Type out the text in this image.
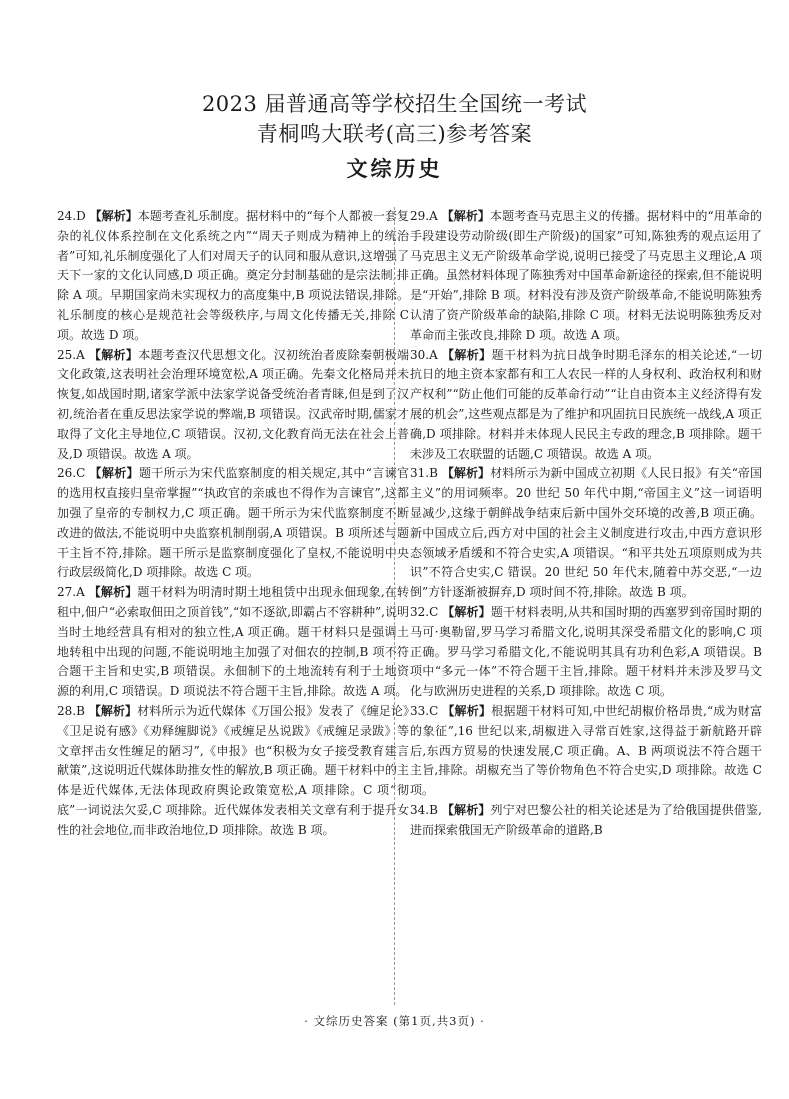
2023 届普通高等学校招生全国统一考试
青桐鸣大联考(高三)参考答案
文综历史

24.D 【解析】本题考查礼乐制度。据材料中的“每个人都被一套复杂的礼仪体系控制在文化系统之内”“周天子则成为精神上的统治者”可知,礼乐制度强化了人们对周天子的认同和服从意识,这增强了天下一家的文化认同感,D 项正确。奠定分封制基础的是宗法制,排除 A 项。早期国家尚未实现权力的高度集中,B 项说法错误,排除。礼乐制度的核心是规范社会等级秩序,与周文化传播无关,排除 C 项。故选 D 项。

25.A 【解析】本题考查汉代思想文化。汉初统治者废除秦朝极端文化政策,这表明社会治理环境宽松,A 项正确。先秦文化格局并未恢复,如战国时期,诸家学派中法家学说备受统治者青睐,但是到了汉初,统治者在重反思法家学说的弊端,B 项错误。汉武帝时期,儒家才取得了文化主导地位,C 项错误。汉初,文化教育尚无法在社会上普及,D 项错误。故选 A 项。

26.C 【解析】题干所示为宋代监察制度的相关规定,其中“言谏官的选用权直接归皇帝掌握”“执政官的亲戚也不得作为言谏官”,这都加强了皇帝的专制权力,C 项正确。题干所示为宋代监察制度不断改进的做法,不能说明中央监察机制削弱,A 项错误。B 项所述与题干主旨不符,排除。题干所示是监察制度强化了皇权,不能说明中央行政层级简化,D 项排除。故选 C 项。

27.A 【解析】题干材料为明清时期土地租赁中出现永佃现象,在转租中,佃户“必索取佃田之顶首钱”,“如不逐欲,即霸占不容耕种”,说明当时土地经营具有相对的独立性,A 项正确。题干材料只是强调土地转租中出现的问题,不能说明地主加强了对佃农的控制,B 项不符合题干主旨和史实,B 项错误。永佃制下的土地流转有利于土地资源的利用,C 项错误。D 项说法不符合题干主旨,排除。故选 A 项。

28.B 【解析】材料所示为近代媒体《万国公报》发表了《缠足论》《卫足说有感》《劝释缠脚说》《戒缠足丛说跋》《戒缠足录跋》等文章抨击女性缠足的陋习”,《申报》也“积极为女子接受教育建言献策”,这说明近代媒体助推女性的解放,B 项正确。题干材料中的主体是近代媒体,无法体现政府舆论政策宽松,A 项排除。C 项“彻底”一词说法欠妥,C 项排除。近代媒体发表相关文章有利于提升女性的社会地位,而非政治地位,D 项排除。故选 B 项。

29.A 【解析】本题考查马克思主义的传播。据材料中的“用革命的手段建设劳动阶级(即生产阶级)的国家”可知,陈独秀的观点运用了马克思主义无产阶级革命学说,说明已接受了马克思主义理论,A 项正确。虽然材料体现了陈独秀对中国革命新途径的探索,但不能说明是“开始”,排除 B 项。材料没有涉及资产阶级革命,不能说明陈独秀认清了资产阶级革命的缺陷,排除 C 项。材料无法说明陈独秀反对革命而主张改良,排除 D 项。故选 A 项。

30.A 【解析】题干材料为抗日战争时期毛泽东的相关论述,“一切抗日的地主资本家都有和工人农民一样的人身权利、政治权利和财产权利”“防止他们可能的反革命行动”“让自由资本主义经济得有发展的机会”,这些观点都是为了维护和巩固抗日民族统一战线,A 项正确,D 项排除。材料并未体现人民民主专政的理念,B 项排除。题干未涉及工农联盟的话题,C 项错误。故选 A 项。

31.B 【解析】材料所示为新中国成立初期《人民日报》有关“帝国主义”的用词频率。20 世纪 50 年代中期,“帝国主义”这一词语明显减少,这缘于朝鲜战争结束后新中国外交环境的改善,B 项正确。新中国成立后,西方对中国的社会主义制度进行攻击,中西方意识形态领域矛盾缓和不符合史实,A 项错误。“和平共处五项原则成为共识”不符合史实,C 错误。20 世纪 50 年代末,随着中苏交恶,“一边倒”方针逐渐被摒弃,D 项时间不符,排除。故选 B 项。

32.C 【解析】题干材料表明,从共和国时期的西塞罗到帝国时期的马可·奥勒留,罗马学习希腊文化,说明其深受希腊文化的影响,C 项正确。罗马学习希腊文化,不能说明其具有功利色彩,A 项错误。B 项中“多元一体”不符合题干主旨,排除。题干材料并未涉及罗马文化与欧洲历史进程的关系,D 项排除。故选 C 项。

33.C 【解析】根据题干材料可知,中世纪胡椒价格昂贵,“成为财富的象征”,16 世纪以来,胡椒进入寻常百姓家,这得益于新航路开辟后,东西方贸易的快速发展,C 项正确。A、B 两项说法不符合题干主旨,排除。胡椒充当了等价物角色不符合史实,D 项排除。故选 C 项。

34.B 【解析】列宁对巴黎公社的相关论述是为了给俄国提供借鉴,进而探索俄国无产阶级革命的道路,B

· 文综历史答案 (第1页,共3页) ·
